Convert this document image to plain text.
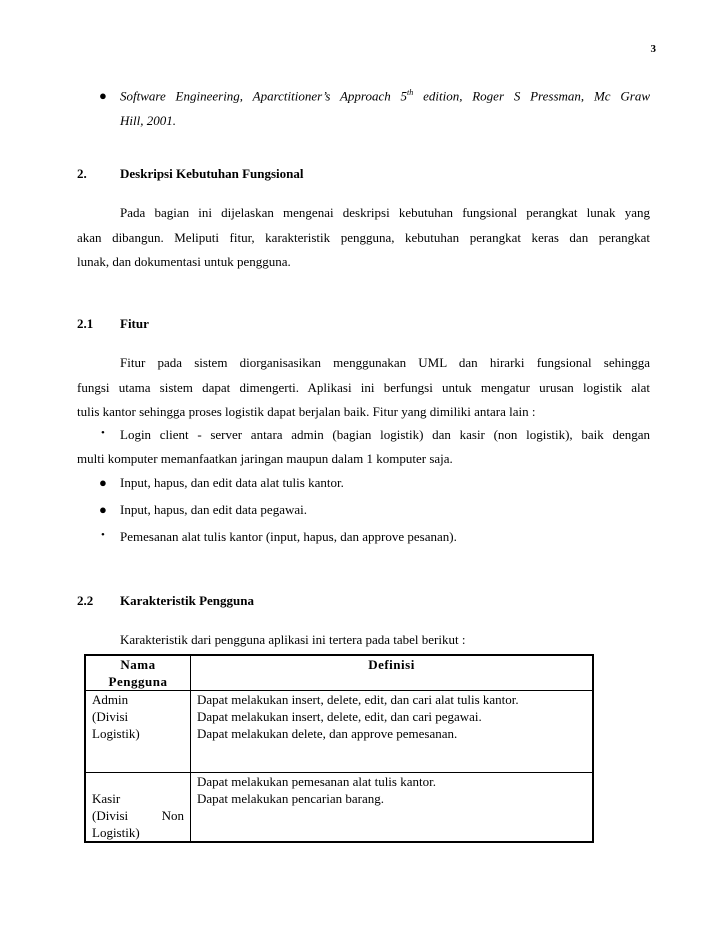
3
● Software Engineering, Aparctitioner’s Approach 5th edition, Roger S Pressman, Mc Graw
Hill, 2001.
2.	Deskripsi Kebutuhan Fungsional
Pada bagian ini dijelaskan mengenai deskripsi kebutuhan fungsional perangkat lunak yang
akan dibangun. Meliputi fitur, karakteristik pengguna, kebutuhan perangkat keras dan perangkat
lunak, dan dokumentasi untuk pengguna.
2.1 Fitur
Fitur pada sistem diorganisasikan menggunakan UML dan hirarki fungsional sehingga
fungsi utama sistem dapat dimengerti. Aplikasi ini berfungsi untuk mengatur urusan logistik alat
tulis kantor sehingga proses logistik dapat berjalan baik. Fitur yang dimiliki antara lain :
• Login client - server antara admin (bagian logistik) dan kasir (non logistik), baik dengan
multi komputer memanfaatkan jaringan maupun dalam 1 komputer saja.
● Input, hapus, dan edit data alat tulis kantor.
● Input, hapus, dan edit data pegawai.
• Pemesanan alat tulis kantor (input, hapus, dan approve pesanan).
2.2 Karakteristik Pengguna
Karakteristik dari pengguna aplikasi ini tertera pada tabel berikut :
Nama
Pengguna	Definisi

Admin
(Divisi
Logistik)	Dapat melakukan insert, delete, edit, dan cari alat tulis kantor.
Dapat melakukan insert, delete, edit, dan cari pegawai.
Dapat melakukan delete, dan approve pemesanan.

Kasir
(Divisi Non
Logistik)	Dapat melakukan pemesanan alat tulis kantor.
Dapat melakukan pencarian barang.
